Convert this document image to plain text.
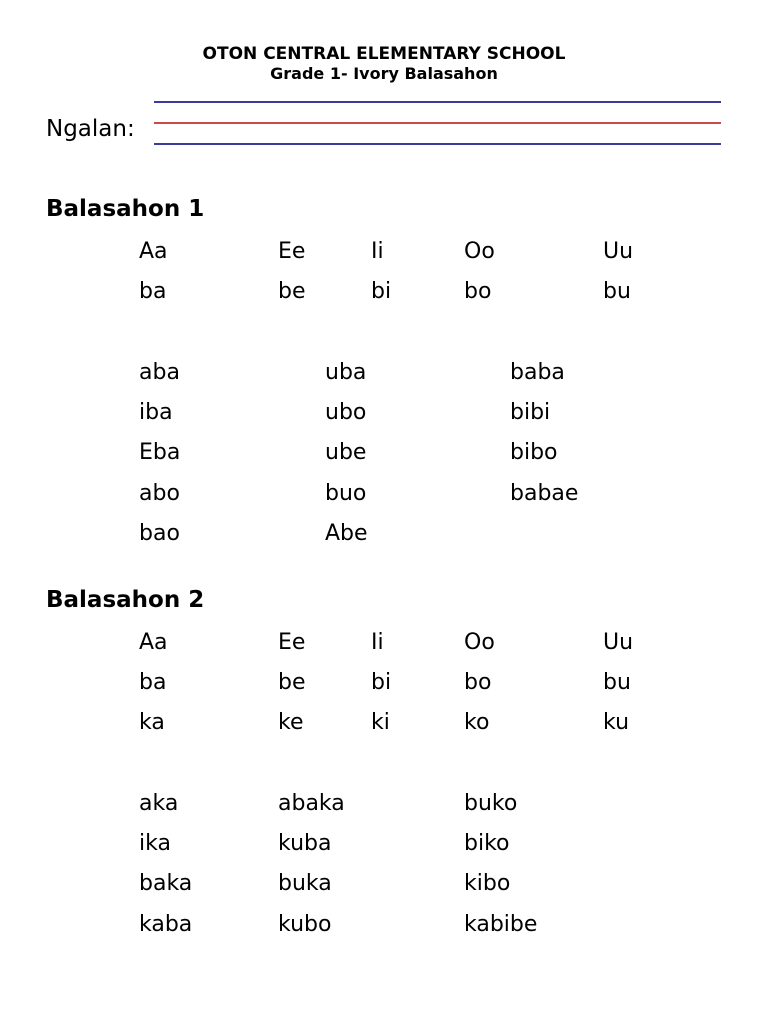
OTON CENTRAL ELEMENTARY SCHOOL
Grade 1- Ivory Balasahon
Ngalan:
Balasahon 1
Aa	Ee	Ii	Oo	Uu
ba	be	bi	bo	bu
aba	uba	baba
iba	ubo	bibi
Eba	ube	bibo
abo	buo	babae
bao	Abe
Balasahon 2
Aa	Ee	Ii	Oo	Uu
ba	be	bi	bo	bu
ka	ke	ki	ko	ku
aka	abaka	buko
ika	kuba	biko
baka	buka	kibo
kaba	kubo	kabibe
